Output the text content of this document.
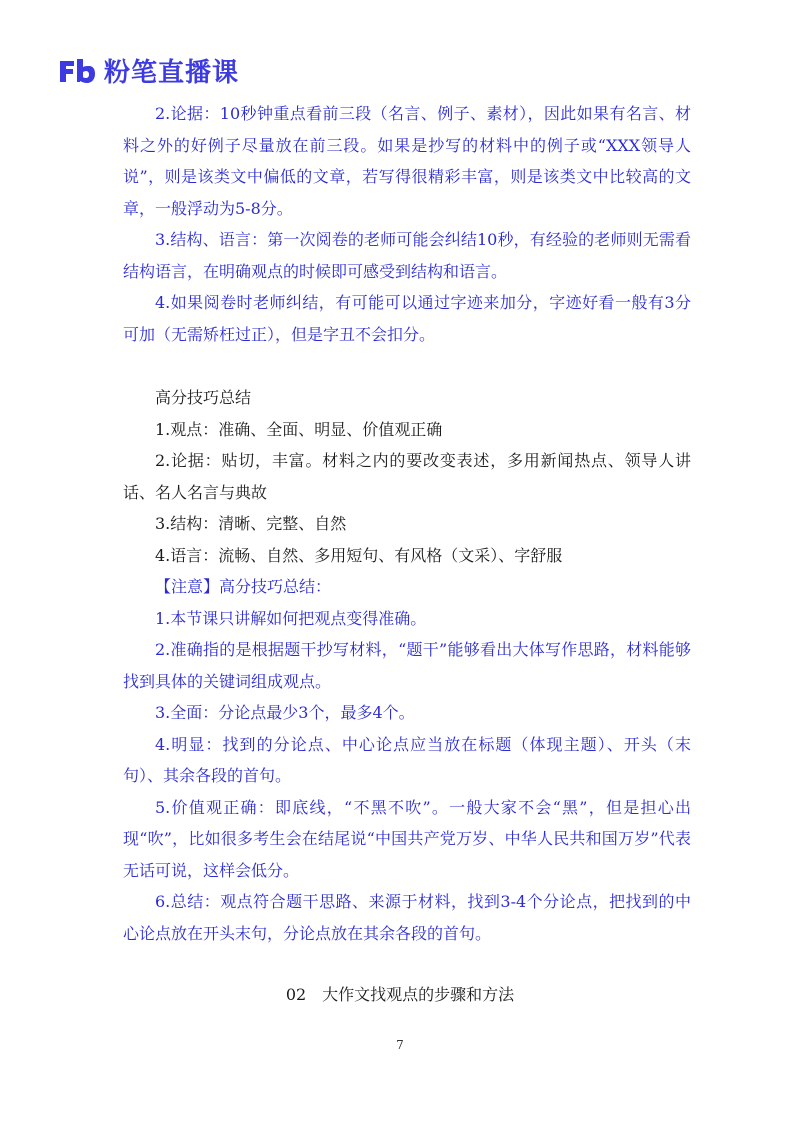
粉笔直播课

2.论据：10秒钟重点看前三段（名言、例子、素材），因此如果有名言、材料之外的好例子尽量放在前三段。如果是抄写的材料中的例子或“XXX领导人说”，则是该类文中偏低的文章，若写得很精彩丰富，则是该类文中比较高的文章，一般浮动为5-8分。

3.结构、语言：第一次阅卷的老师可能会纠结10秒，有经验的老师则无需看结构语言，在明确观点的时候即可感受到结构和语言。

4.如果阅卷时老师纠结，有可能可以通过字迹来加分，字迹好看一般有3分可加（无需矫枉过正），但是字丑不会扣分。

高分技巧总结

1.观点：准确、全面、明显、价值观正确

2.论据：贴切，丰富。材料之内的要改变表述，多用新闻热点、领导人讲话、名人名言与典故

3.结构：清晰、完整、自然

4.语言：流畅、自然、多用短句、有风格（文采）、字舒服

【注意】高分技巧总结：

1.本节课只讲解如何把观点变得准确。

2.准确指的是根据题干抄写材料，“题干”能够看出大体写作思路，材料能够找到具体的关键词组成观点。

3.全面：分论点最少3个，最多4个。

4.明显：找到的分论点、中心论点应当放在标题（体现主题）、开头（末句）、其余各段的首句。

5.价值观正确：即底线，“不黑不吹”。一般大家不会“黑”，但是担心出现“吹”，比如很多考生会在结尾说“中国共产党万岁、中华人民共和国万岁”代表无话可说，这样会低分。

6.总结：观点符合题干思路、来源于材料，找到3-4个分论点，把找到的中心论点放在开头末句，分论点放在其余各段的首句。

02　大作文找观点的步骤和方法
7
